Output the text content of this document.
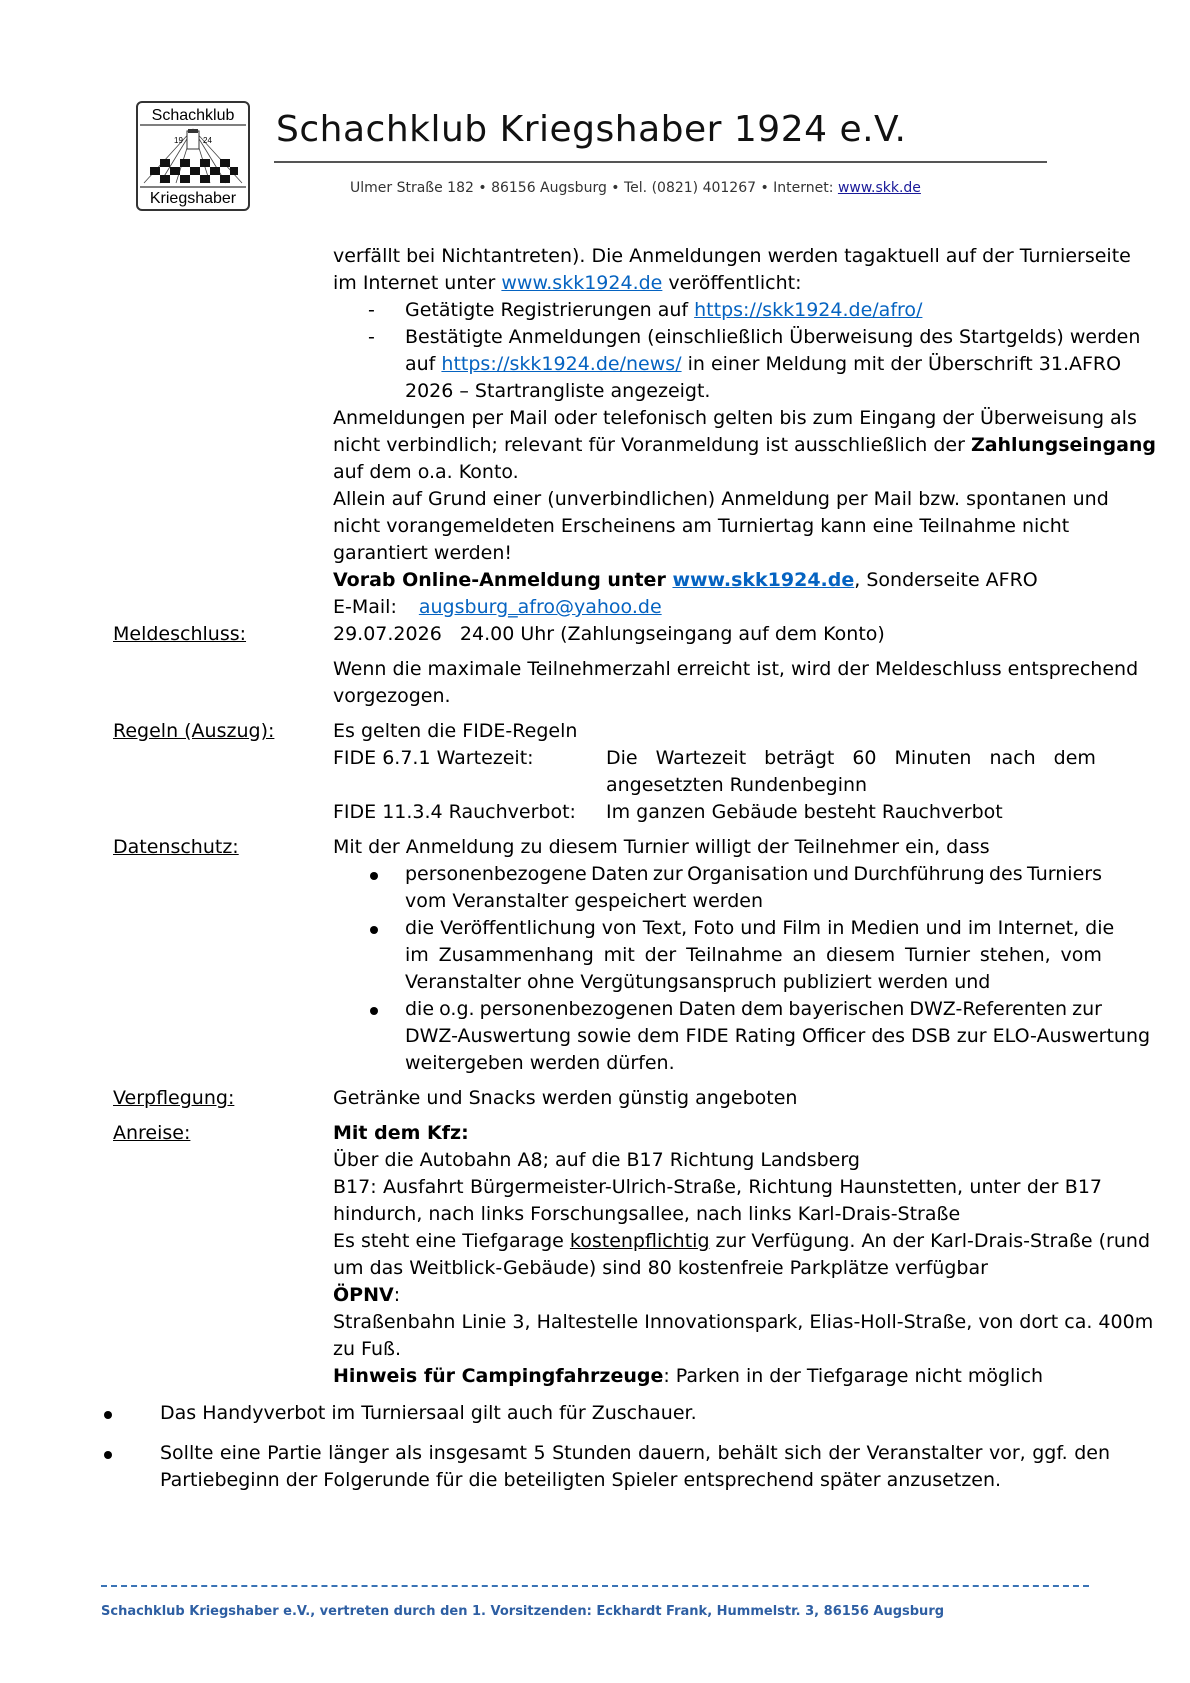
Schachklub
19	24
Kriegshaber
Schachklub Kriegshaber 1924 e.V.
Ulmer Straße 182 • 86156 Augsburg • Tel. (0821) 401267 • Internet: www.skk.de
verfällt bei Nichtantreten). Die Anmeldungen werden tagaktuell auf der Turnierseite
im Internet unter www.skk1924.de veröffentlicht:
- Getätigte Registrierungen auf https://skk1924.de/afro/
- Bestätigte Anmeldungen (einschließlich Überweisung des Startgelds) werden
auf https://skk1924.de/news/ in einer Meldung mit der Überschrift 31.AFRO
2026 – Startrangliste angezeigt.
Anmeldungen per Mail oder telefonisch gelten bis zum Eingang der Überweisung als
nicht verbindlich; relevant für Voranmeldung ist ausschließlich der Zahlungseingang
auf dem o.a. Konto.
Allein auf Grund einer (unverbindlichen) Anmeldung per Mail bzw. spontanen und
nicht vorangemeldeten Erscheinens am Turniertag kann eine Teilnahme nicht
garantiert werden!
Vorab Online-Anmeldung unter www.skk1924.de, Sonderseite AFRO
E-Mail: augsburg_afro@yahoo.de
Meldeschluss:	29.07.2026   24.00 Uhr (Zahlungseingang auf dem Konto)
Wenn die maximale Teilnehmerzahl erreicht ist, wird der Meldeschluss entsprechend
vorgezogen.
Regeln (Auszug):	Es gelten die FIDE-Regeln
FIDE 6.7.1 Wartezeit:	Die Wartezeit beträgt 60 Minuten nach dem
angesetzten Rundenbeginn
FIDE 11.3.4 Rauchverbot: Im ganzen Gebäude besteht Rauchverbot
Datenschutz:	Mit der Anmeldung zu diesem Turnier willigt der Teilnehmer ein, dass
personenbezogene Daten zur Organisation und Durchführung des Turniers
vom Veranstalter gespeichert werden
die Veröffentlichung von Text, Foto und Film in Medien und im Internet, die
im Zusammenhang mit der Teilnahme an diesem Turnier stehen, vom
Veranstalter ohne Vergütungsanspruch publiziert werden und
die o.g. personenbezogenen Daten dem bayerischen DWZ-Referenten zur
DWZ-Auswertung sowie dem FIDE Rating Officer des DSB zur ELO-Auswertung
weitergeben werden dürfen.
Verpflegung:	Getränke und Snacks werden günstig angeboten
Anreise:	Mit dem Kfz:
Über die Autobahn A8; auf die B17 Richtung Landsberg
B17: Ausfahrt Bürgermeister-Ulrich-Straße, Richtung Haunstetten, unter der B17
hindurch, nach links Forschungsallee, nach links Karl-Drais-Straße
Es steht eine Tiefgarage kostenpflichtig zur Verfügung. An der Karl-Drais-Straße (rund
um das Weitblick-Gebäude) sind 80 kostenfreie Parkplätze verfügbar
ÖPNV:
Straßenbahn Linie 3, Haltestelle Innovationspark, Elias-Holl-Straße, von dort ca. 400m
zu Fuß.
Hinweis für Campingfahrzeuge: Parken in der Tiefgarage nicht möglich
Das Handyverbot im Turniersaal gilt auch für Zuschauer.
Sollte eine Partie länger als insgesamt 5 Stunden dauern, behält sich der Veranstalter vor, ggf. den
Partiebeginn der Folgerunde für die beteiligten Spieler entsprechend später anzusetzen.
Schachklub Kriegshaber e.V., vertreten durch den 1. Vorsitzenden: Eckhardt Frank, Hummelstr. 3, 86156 Augsburg
